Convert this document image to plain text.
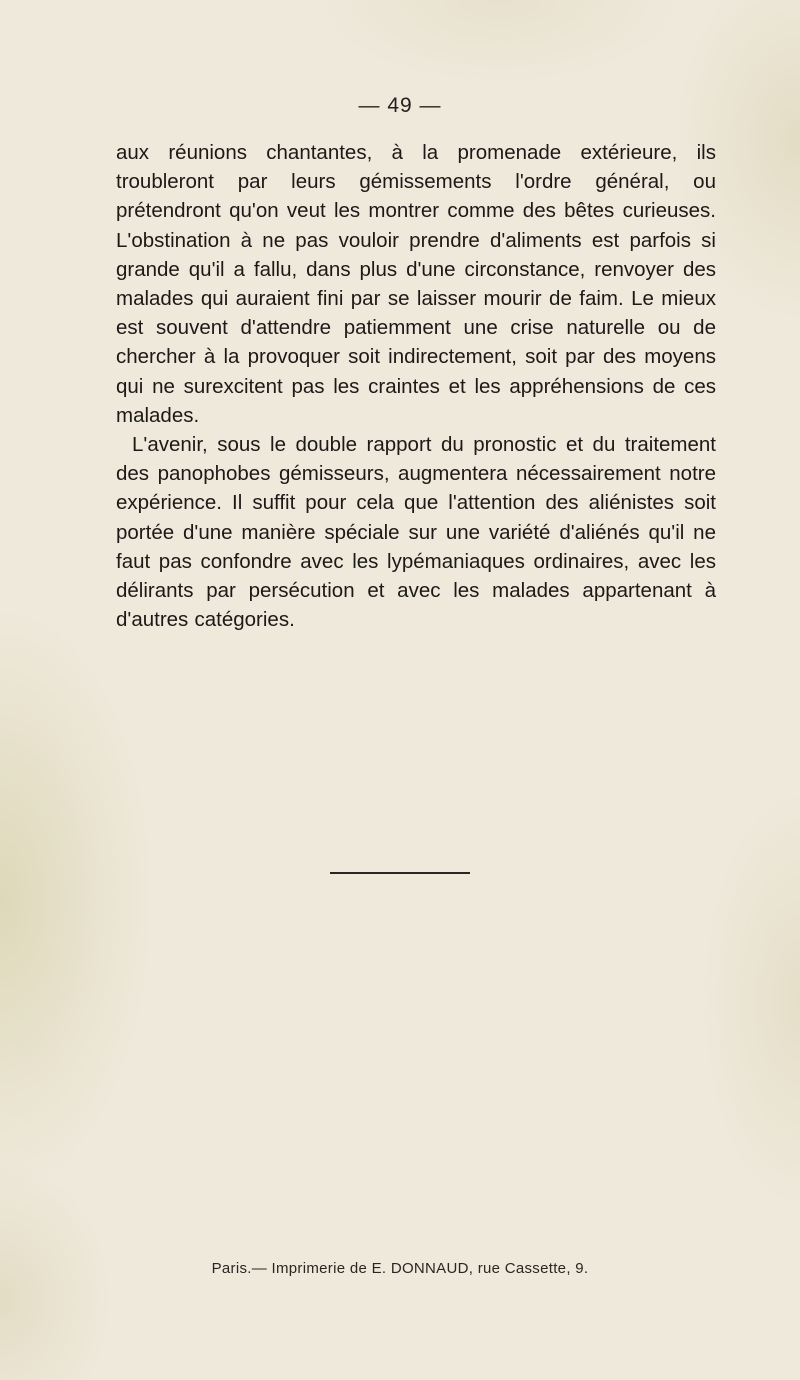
— 49 —

aux réunions chantantes, à la promenade extérieure, ils troubleront par leurs gémissements l'ordre général, ou prétendront qu'on veut les montrer comme des bêtes curieuses. L'obstination à ne pas vouloir prendre d'aliments est parfois si grande qu'il a fallu, dans plus d'une circonstance, renvoyer des malades qui auraient fini par se laisser mourir de faim. Le mieux est souvent d'attendre patiemment une crise naturelle ou de chercher à la provoquer soit indirectement, soit par des moyens qui ne surexcitent pas les craintes et les appréhensions de ces malades.

L'avenir, sous le double rapport du pronostic et du traitement des panophobes gémisseurs, augmentera nécessairement notre expérience. Il suffit pour cela que l'attention des aliénistes soit portée d'une manière spéciale sur une variété d'aliénés qu'il ne faut pas confondre avec les lypémaniaques ordinaires, avec les délirants par persécution et avec les malades appartenant à d'autres catégories.

Paris.— Imprimerie de E. DONNAUD, rue Cassette, 9.
